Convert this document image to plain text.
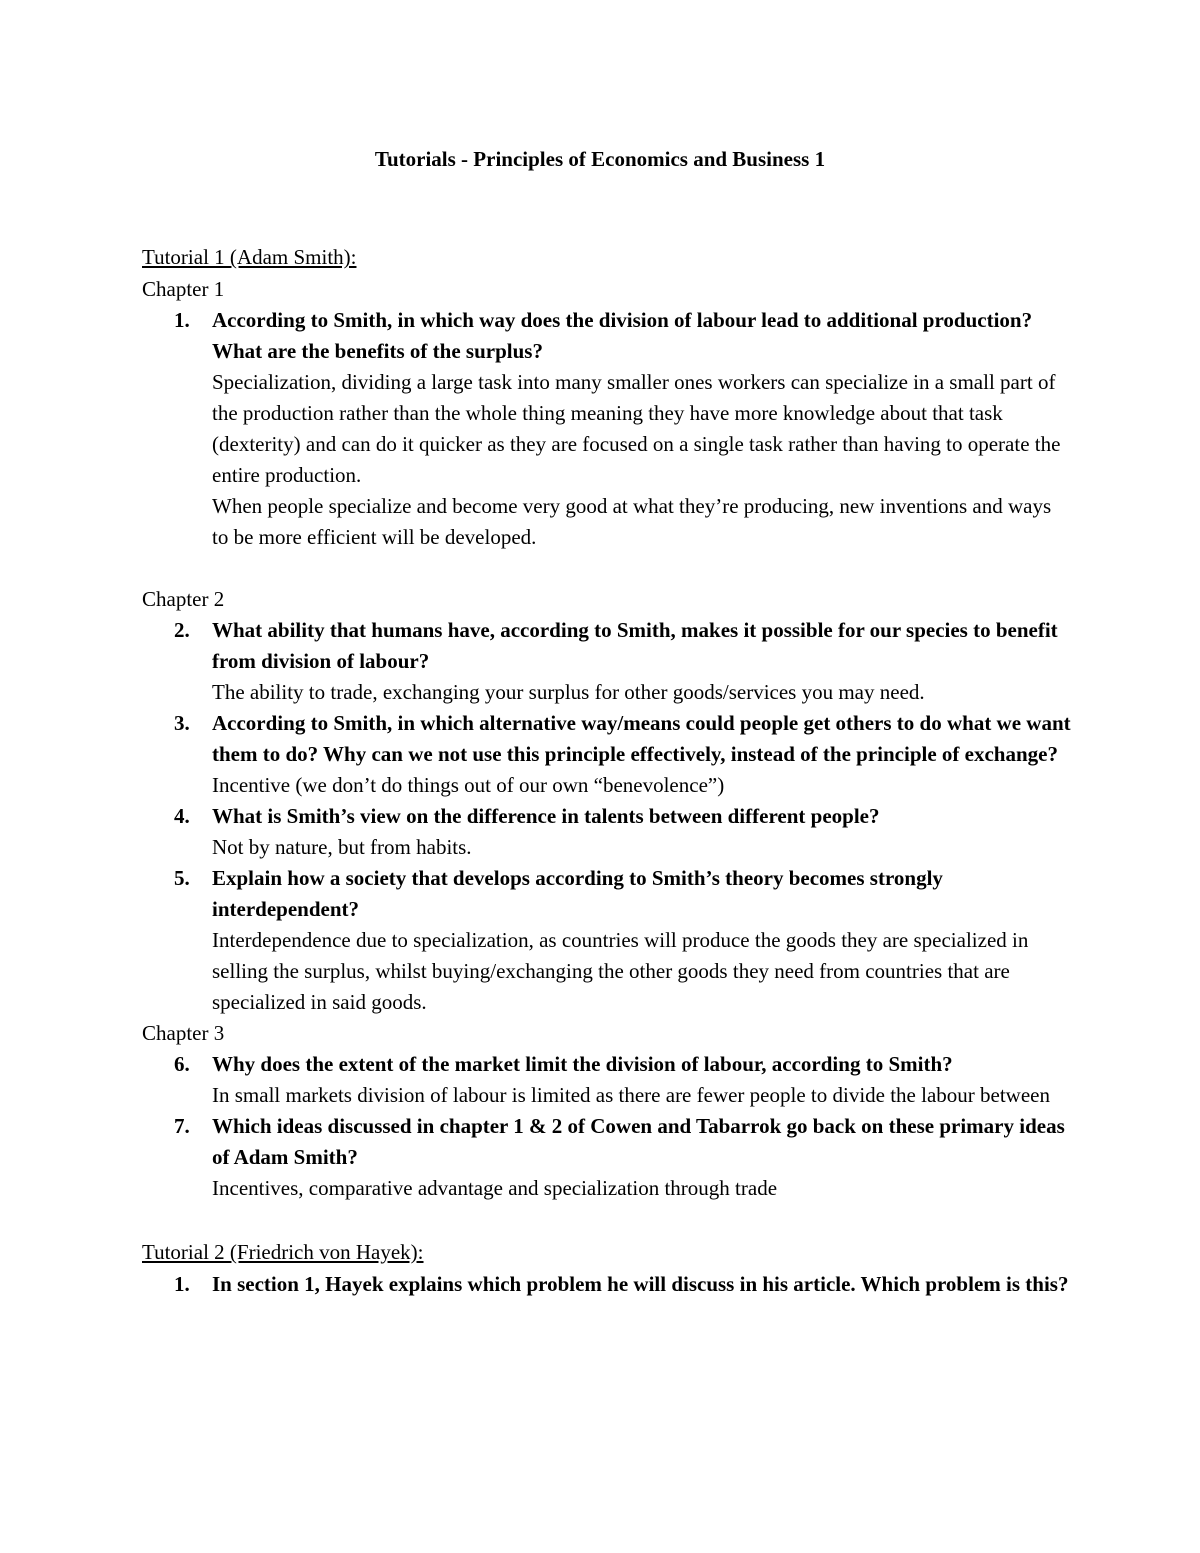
Tutorials - Principles of Economics and Business 1
Tutorial 1 (Adam Smith):
Chapter 1
1. According to Smith, in which way does the division of labour lead to additional production? What are the benefits of the surplus?
Specialization, dividing a large task into many smaller ones workers can specialize in a small part of the production rather than the whole thing meaning they have more knowledge about that task (dexterity) and can do it quicker as they are focused on a single task rather than having to operate the entire production.
When people specialize and become very good at what they’re producing, new inventions and ways to be more efficient will be developed.
Chapter 2
2. What ability that humans have, according to Smith, makes it possible for our species to benefit from division of labour?
The ability to trade, exchanging your surplus for other goods/services you may need.
3. According to Smith, in which alternative way/means could people get others to do what we want them to do? Why can we not use this principle effectively, instead of the principle of exchange?
Incentive (we don’t do things out of our own “benevolence”)
4. What is Smith’s view on the difference in talents between different people?
Not by nature, but from habits.
5. Explain how a society that develops according to Smith’s theory becomes strongly interdependent?
Interdependence due to specialization, as countries will produce the goods they are specialized in selling the surplus, whilst buying/exchanging the other goods they need from countries that are specialized in said goods.
Chapter 3
6. Why does the extent of the market limit the division of labour, according to Smith?
In small markets division of labour is limited as there are fewer people to divide the labour between
7. Which ideas discussed in chapter 1 & 2 of Cowen and Tabarrok go back on these primary ideas of Adam Smith?
Incentives, comparative advantage and specialization through trade
Tutorial 2 (Friedrich von Hayek):
1. In section 1, Hayek explains which problem he will discuss in his article. Which problem is this?
